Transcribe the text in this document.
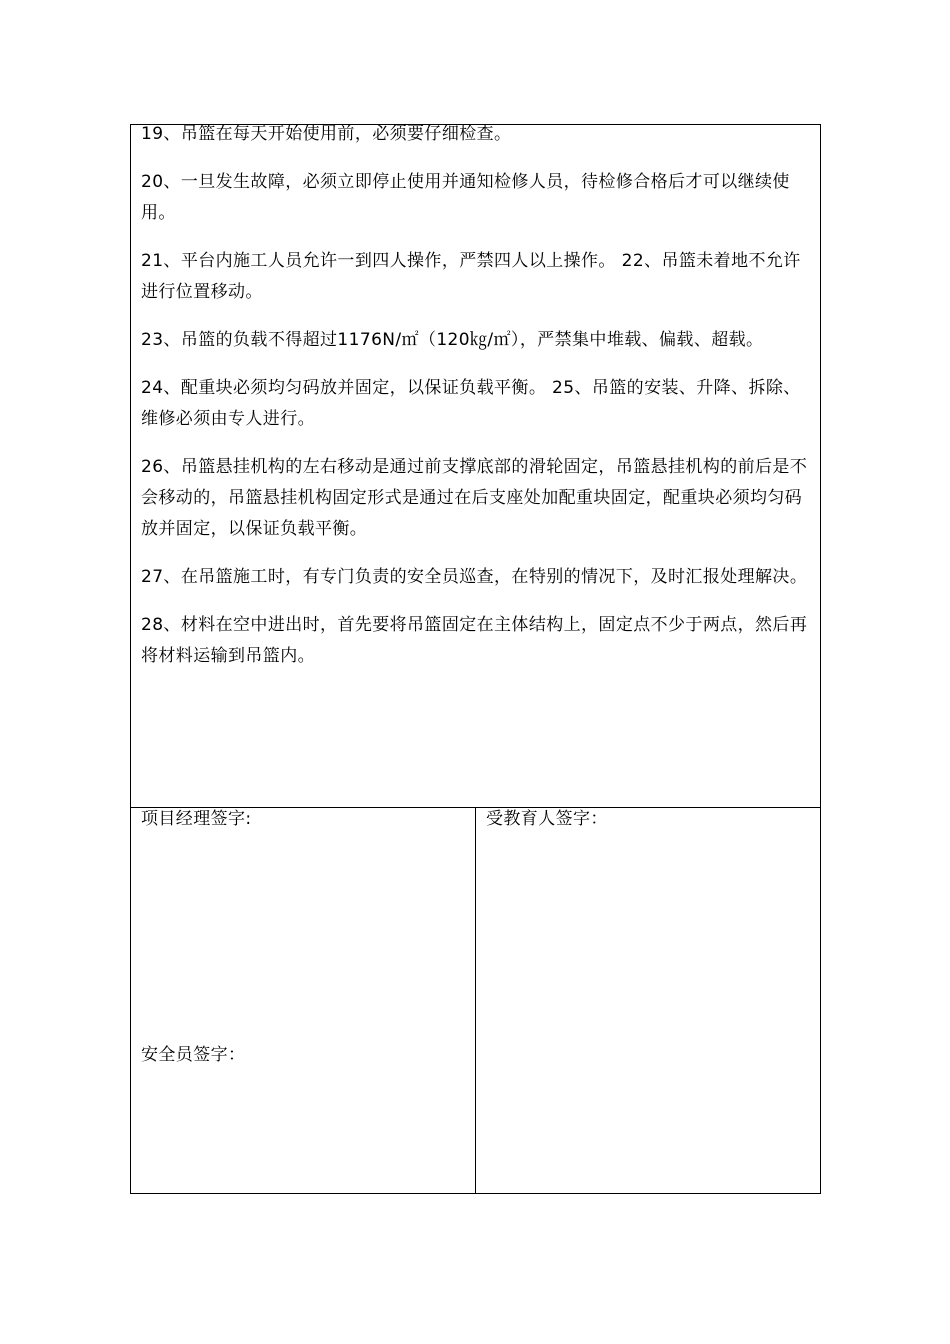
19、吊篮在每天开始使用前，必须要仔细检查。

20、一旦发生故障，必须立即停止使用并通知检修人员，待检修合格后才可以继续使用。

21、平台内施工人员允许一到四人操作，严禁四人以上操作。 22、吊篮未着地不允许进行位置移动。

23、吊篮的负载不得超过1176N/㎡（120㎏/㎡），严禁集中堆载、偏载、超载。

24、配重块必须均匀码放并固定，以保证负载平衡。 25、吊篮的安装、升降、拆除、维修必须由专人进行。

26、吊篮悬挂机构的左右移动是通过前支撑底部的滑轮固定，吊篮悬挂机构的前后是不会移动的，吊篮悬挂机构固定形式是通过在后支座处加配重块固定，配重块必须均匀码放并固定，以保证负载平衡。

27、在吊篮施工时，有专门负责的安全员巡查，在特别的情况下，及时汇报处理解决。

28、材料在空中进出时，首先要将吊篮固定在主体结构上，固定点不少于两点，然后再将材料运输到吊篮内。

项目经理签字:
安全员签字：
受教育人签字：
